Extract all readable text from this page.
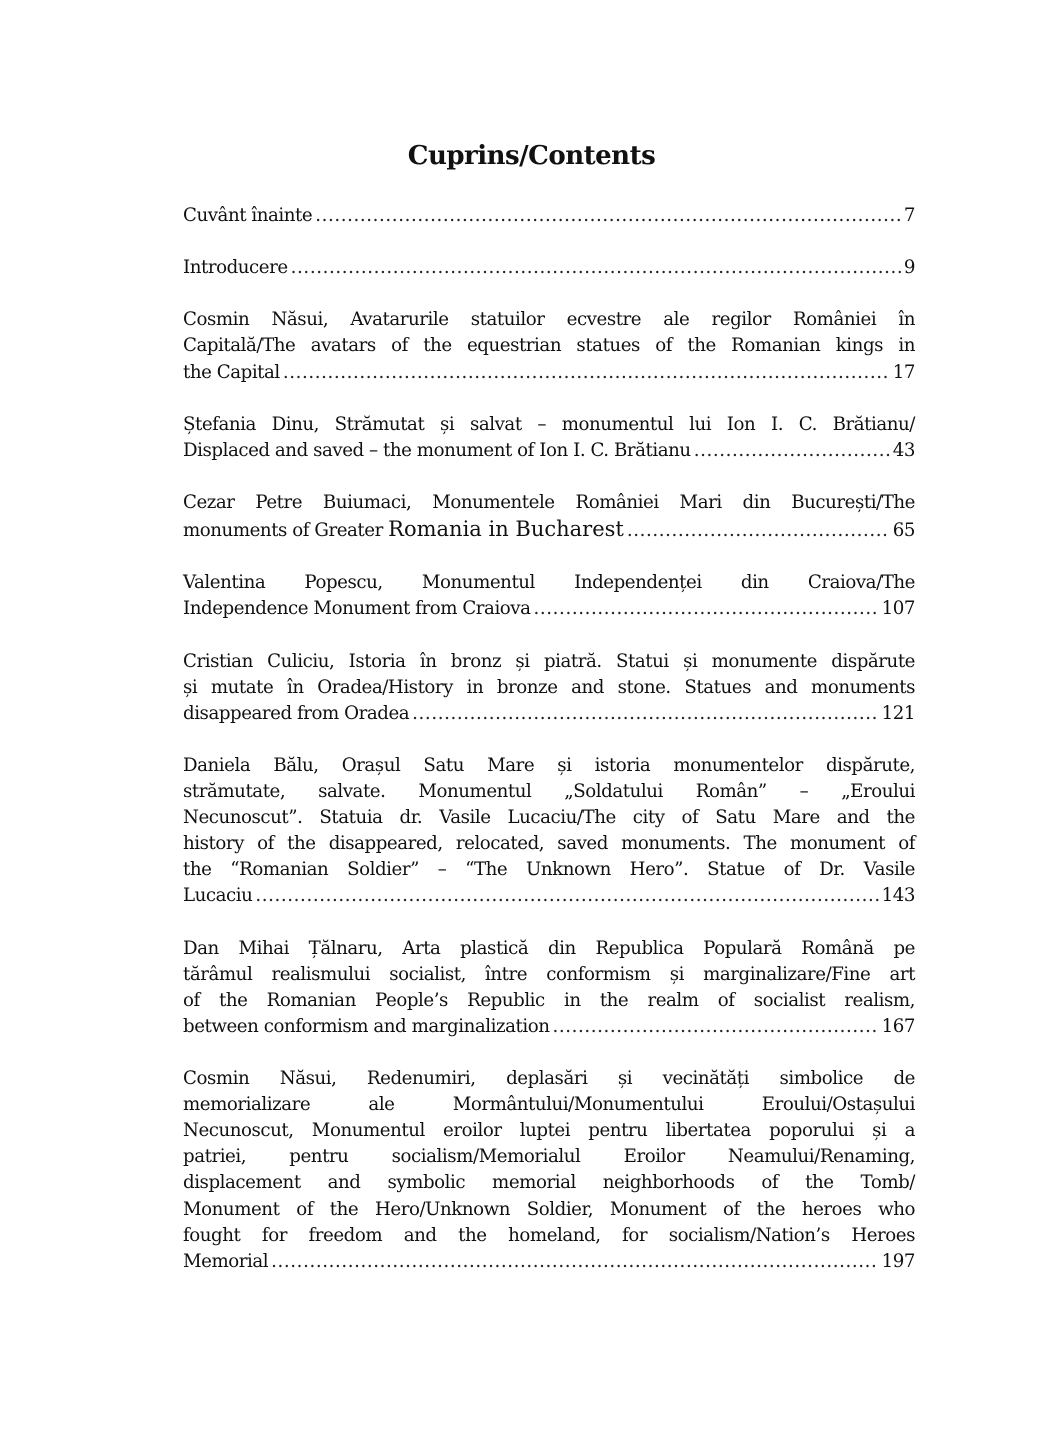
Cuprins/Contents
Cuvânt înainte .....	7
Introducere .....	9
Cosmin Năsui, Avatarurile statuilor ecvestre ale regilor României în
Capitală/The avatars of the equestrian statues of the Romanian kings in
the Capital .....	17
Ștefania Dinu, Strămutat și salvat – monumentul lui Ion I. C. Brătianu/
Displaced and saved – the monument of Ion I. C. Brătianu .....	43
Cezar Petre Buiumaci, Monumentele României Mari din București/The
monuments of Greater Romania in Bucharest .....	65
Valentina Popescu, Monumentul Independenței din Craiova/The
Independence Monument from Craiova .....	107
Cristian Culiciu, Istoria în bronz și piatră. Statui și monumente dispărute
și mutate în Oradea/History in bronze and stone. Statues and monuments
disappeared from Oradea .....	121
Daniela Bălu, Orașul Satu Mare și istoria monumentelor dispărute,
strămutate, salvate. Monumentul „Soldatului Român” – „Eroului
Necunoscut”. Statuia dr. Vasile Lucaciu/The city of Satu Mare and the
history of the disappeared, relocated, saved monuments. The monument of
the “Romanian Soldier” – “The Unknown Hero”. Statue of Dr. Vasile
Lucaciu .....	143
Dan Mihai Țălnaru, Arta plastică din Republica Populară Română pe
tărâmul realismului socialist, între conformism și marginalizare/Fine art
of the Romanian People’s Republic in the realm of socialist realism,
between conformism and marginalization .....	167
Cosmin Năsui, Redenumiri, deplasări și vecinătăți simbolice de
memorializare ale Mormântului/Monumentului Eroului/Ostașului
Necunoscut, Monumentul eroilor luptei pentru libertatea poporului și a
patriei, pentru socialism/Memorialul Eroilor Neamului/Renaming,
displacement and symbolic memorial neighborhoods of the Tomb/
Monument of the Hero/Unknown Soldier, Monument of the heroes who
fought for freedom and the homeland, for socialism/Nation’s Heroes
Memorial .....	197
